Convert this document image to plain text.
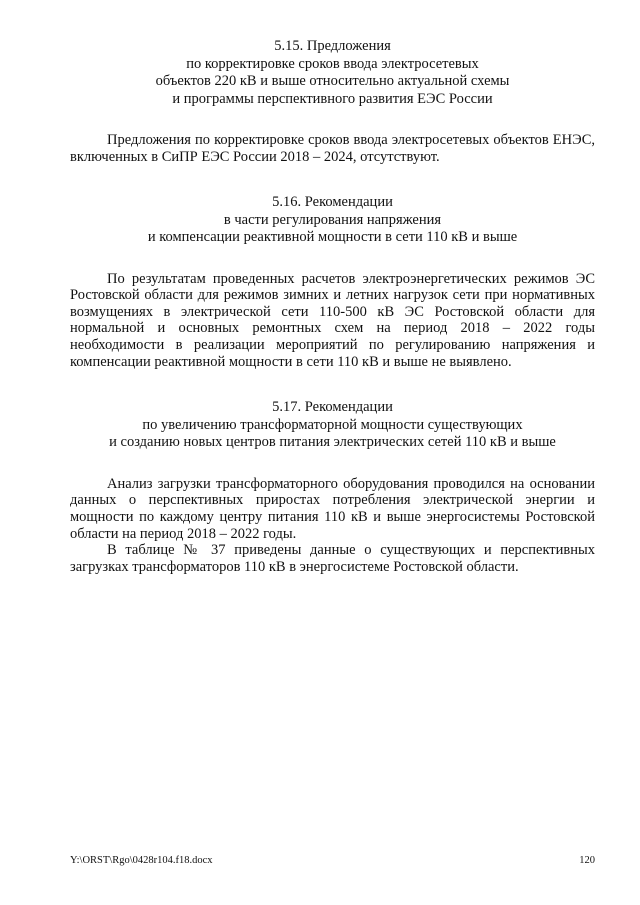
5.15. Предложения
по корректировке сроков ввода электросетевых
объектов 220 кВ и выше относительно актуальной схемы
и программы перспективного развития ЕЭС России

Предложения по корректировке сроков ввода электросетевых объектов ЕНЭС, включенных в СиПР ЕЭС России 2018 – 2024, отсутствуют.

5.16. Рекомендации
в части регулирования напряжения
и компенсации реактивной мощности в сети 110 кВ и выше

По результатам проведенных расчетов электроэнергетических режимов ЭС Ростовской области для режимов зимних и летних нагрузок сети при нормативных возмущениях в электрической сети 110-500 кВ ЭС Ростовской области для нормальной и основных ремонтных схем на период 2018 – 2022 годы необходимости в реализации мероприятий по регулированию напряжения и компенсации реактивной мощности в сети 110 кВ и выше не выявлено.

5.17. Рекомендации
по увеличению трансформаторной мощности существующих
и созданию новых центров питания электрических сетей 110 кВ и выше

Анализ загрузки трансформаторного оборудования проводился на основании данных о перспективных приростах потребления электрической энергии и мощности по каждому центру питания 110 кВ и выше энергосистемы Ростовской области на период 2018 – 2022 годы.

В таблице № 37 приведены данные о существующих и перспективных загрузках трансформаторов 110 кВ в энергосистеме Ростовской области.

Y:\ORST\Rgo\0428r104.f18.docx	120
